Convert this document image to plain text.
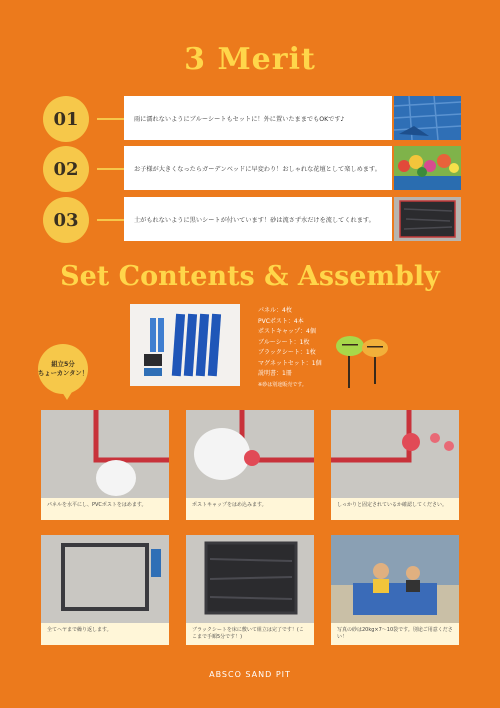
3 Merit
01	雨に濡れないようにブルーシートもセットに！外に置いたままでもOKです♪
02	お子様が大きくなったらガーデンベッドに早変わり！おしゃれな花壇として楽しめます。
03	土がもれないように黒いシートが付いています！砂は流さず水だけを流してくれます。
Set Contents & Assembly
パネル：4枚
PVCポスト：4本
ポストキャップ：4個
ブルーシート：1枚
ブラックシート：1枚
マグネットセット：1個
説明書：1冊
※砂は別途販売です。
組立5分
ちょーカンタン！
パネルを水平にし、PVCポストをはめます。	ポストキャップをはめ込みます。	しっかりと固定されているか確認してください。
全てヘヤまで繰り返します。	ブラックシートを床に敷いて組立は完了です！(ここまで手順5分です！)
写真の砂は20kg×7〜10袋です。別途ご用意ください！
ABSCO SAND PIT
